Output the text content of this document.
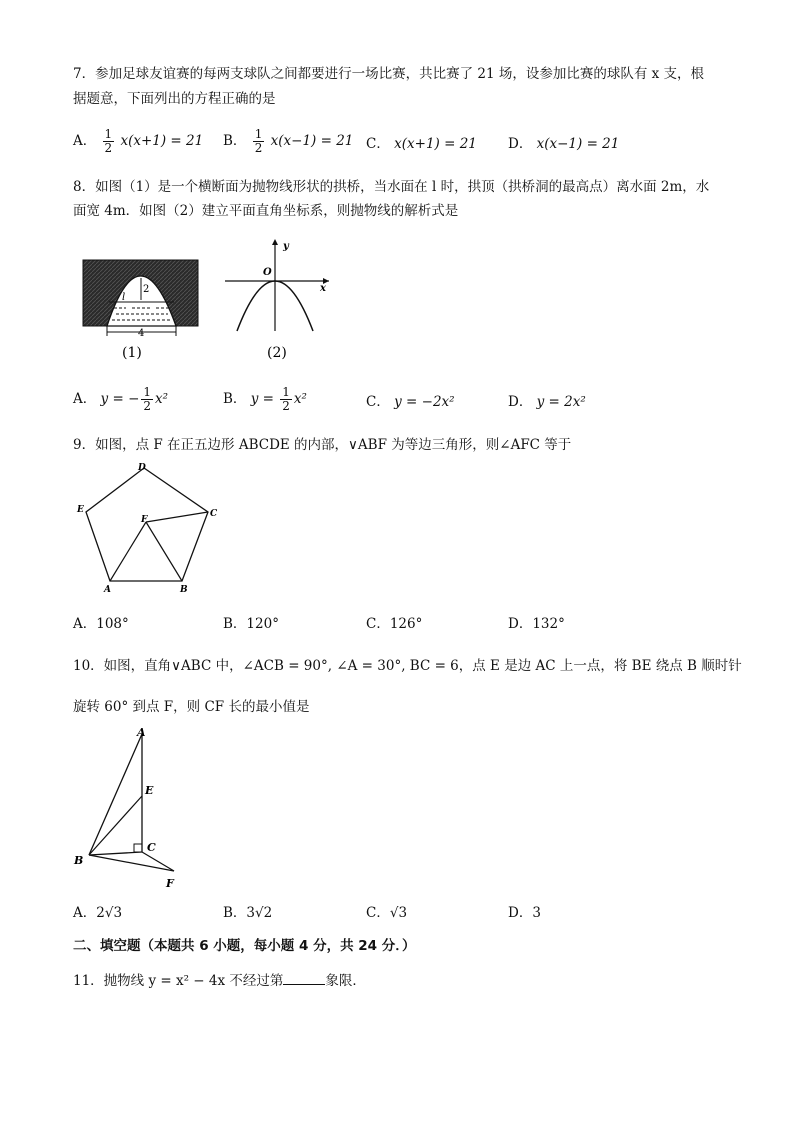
7．参加足球友谊赛的每两支球队之间都要进行一场比赛，共比赛了 21 场，设参加比赛的球队有 x 支，根
据题意，下面列出的方程正确的是
A． $\frac{1}{2} x(x+1) = 21$ B． $\frac{1}{2} x(x-1) = 21$ C． x(x+1) = 21 D． x(x−1) = 21
8．如图（1）是一个横断面为抛物线形状的拱桥，当水面在 l 时，拱顶（拱桥洞的最高点）离水面 2m，水
面宽 4m．如图（2）建立平面直角坐标系，则抛物线的解析式是
2
l
4
(1)
x
y
O
(2)
A． y = − $\frac{1}{2} x^2$	B． $y = \frac{1}{2} x^2$	C． y = −2x²	D． y = 2x²
9．如图，点 F 在正五边形 ABCDE 的内部，∨ABF 为等边三角形，则∠AFC 等于
D
C
E
F
A	B
A．108°	B．120°	C．126°	D．132°
10．如图，直角∨ABC 中，∠ACB = 90°, ∠A = 30°, BC = 6，点 E 是边 AC 上一点，将 BE 绕点 B 顺时针
旋转 60° 到点 F，则 CF 长的最小值是
A
E
C
B
F
A．2√3	B．3√2	C．√3	D．3
二、填空题（本题共 6 小题，每小题 4 分，共 24 分．）
11．抛物线 y = x² − 4x 不经过第	象限．
